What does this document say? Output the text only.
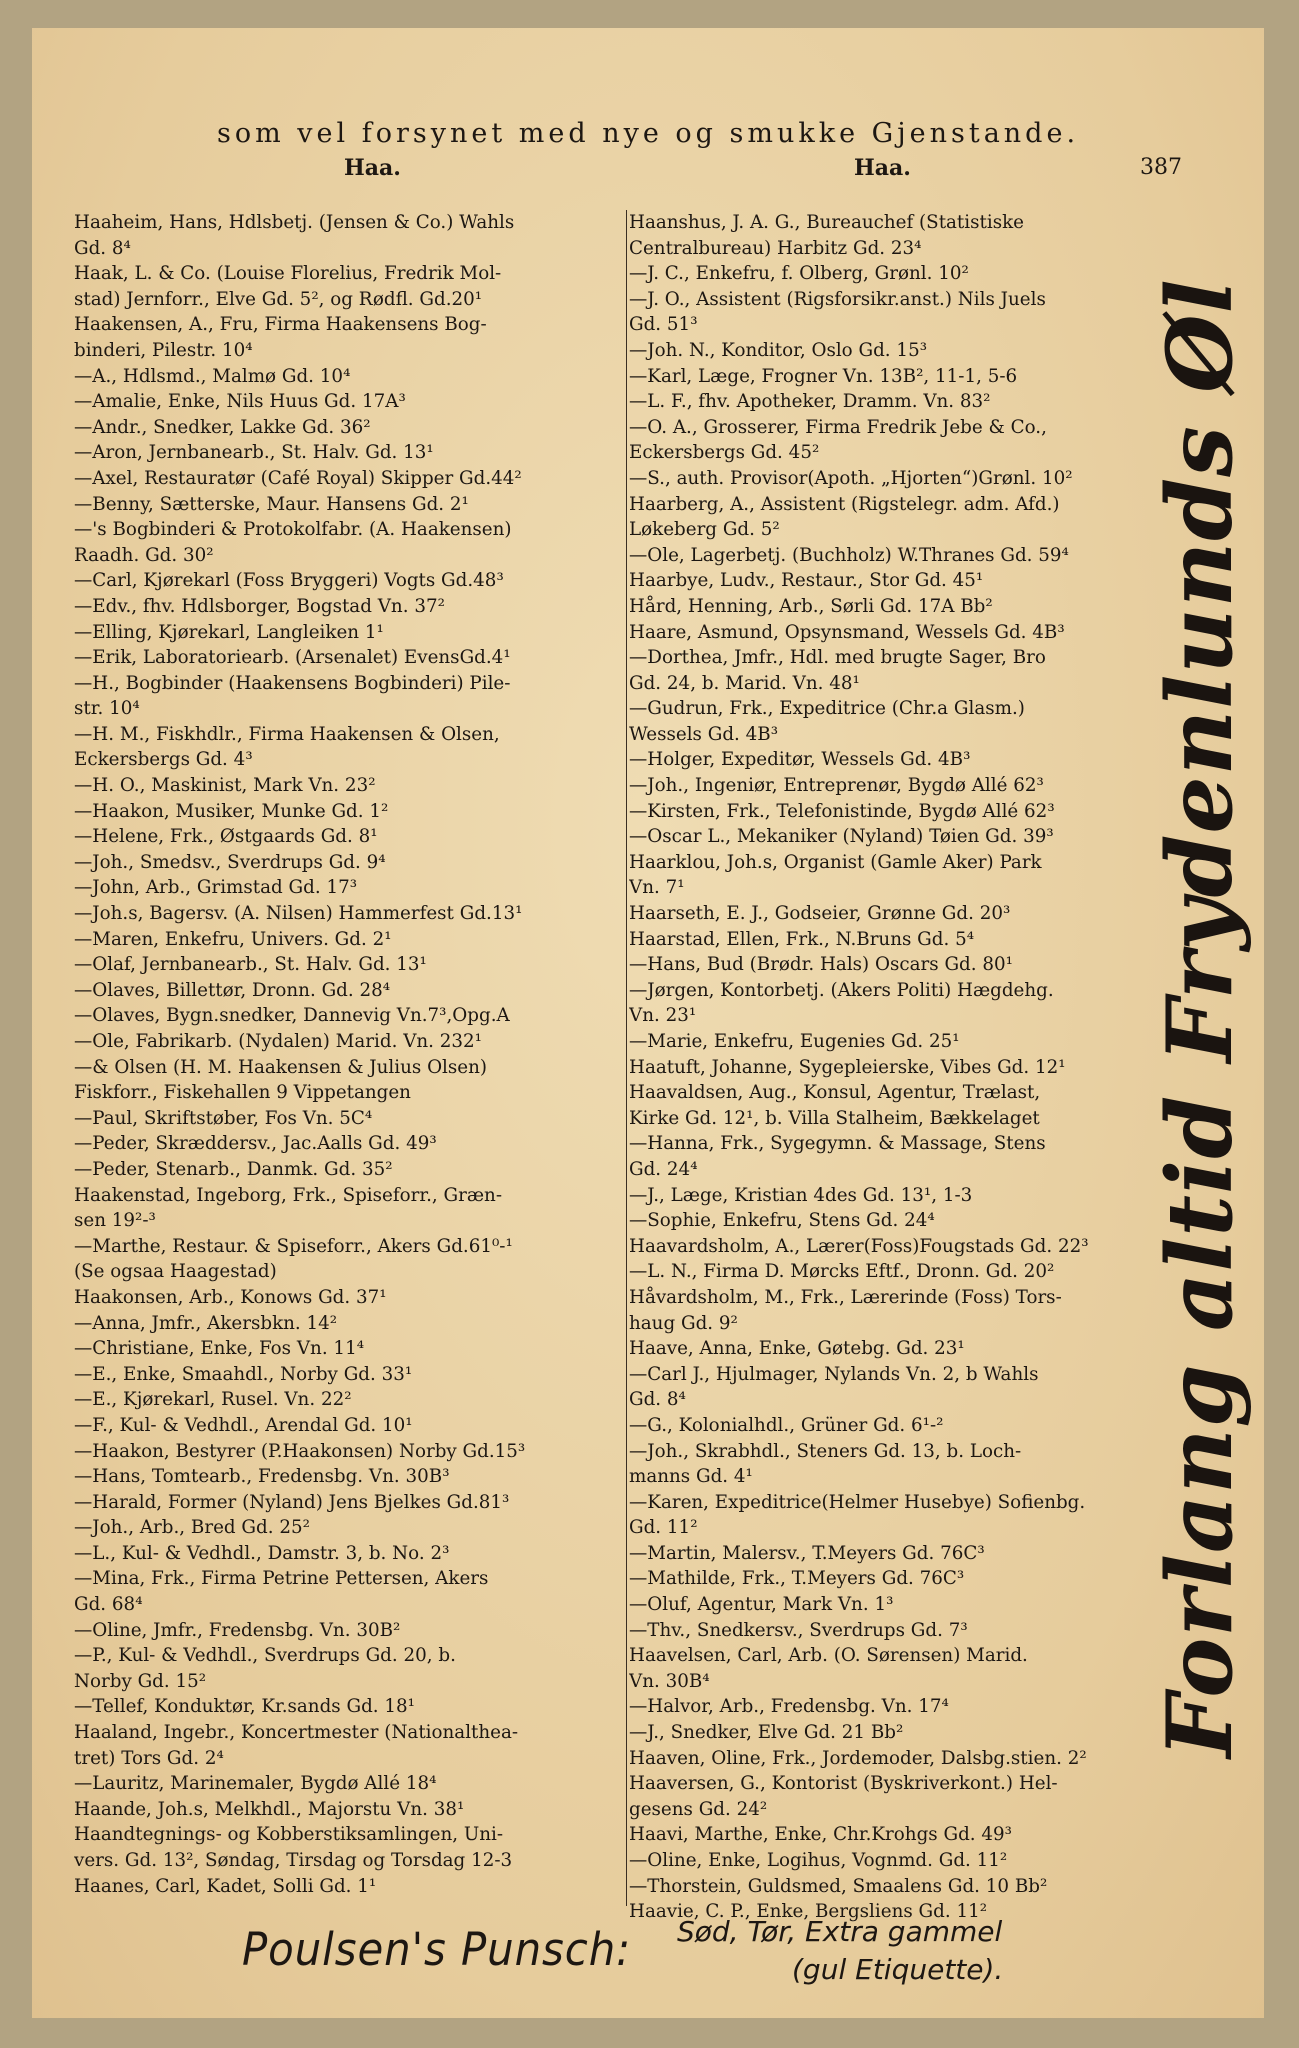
som vel forsynet med nye og smukke Gjenstande.
Haa.	Haa.	387
Haaheim, Hans, Hdlsbetj. (Jensen & Co.) Wahls
Gd. 8⁴
Haak, L. & Co. (Louise Florelius, Fredrik Mol-
stad) Jernforr., Elve Gd. 5², og Rødfl. Gd.20¹
Haakensen, A., Fru, Firma Haakensens Bog-
binderi, Pilestr. 10⁴
—A., Hdlsmd., Malmø Gd. 10⁴
—Amalie, Enke, Nils Huus Gd. 17A³
—Andr., Snedker, Lakke Gd. 36²
—Aron, Jernbanearb., St. Halv. Gd. 13¹
—Axel, Restauratør (Café Royal) Skipper Gd.44²
—Benny, Sætterske, Maur. Hansens Gd. 2¹
—'s Bogbinderi & Protokolfabr. (A. Haakensen)
Raadh. Gd. 30²
—Carl, Kjørekarl (Foss Bryggeri) Vogts Gd.48³
—Edv., fhv. Hdlsborger, Bogstad Vn. 37²
—Elling, Kjørekarl, Langleiken 1¹
—Erik, Laboratoriearb. (Arsenalet) EvensGd.4¹
—H., Bogbinder (Haakensens Bogbinderi) Pile-
str. 10⁴
—H. M., Fiskhdlr., Firma Haakensen & Olsen,
Eckersbergs Gd. 4³
—H. O., Maskinist, Mark Vn. 23²
—Haakon, Musiker, Munke Gd. 1²
—Helene, Frk., Østgaards Gd. 8¹
—Joh., Smedsv., Sverdrups Gd. 9⁴
—John, Arb., Grimstad Gd. 17³
—Joh.s, Bagersv. (A. Nilsen) Hammerfest Gd.13¹
—Maren, Enkefru, Univers. Gd. 2¹
—Olaf, Jernbanearb., St. Halv. Gd. 13¹
—Olaves, Billettør, Dronn. Gd. 28⁴
—Olaves, Bygn.snedker, Dannevig Vn.7³,Opg.A
—Ole, Fabrikarb. (Nydalen) Marid. Vn. 232¹
—& Olsen (H. M. Haakensen & Julius Olsen)
Fiskforr., Fiskehallen 9 Vippetangen
—Paul, Skriftstøber, Fos Vn. 5C⁴
—Peder, Skræddersv., Jac.Aalls Gd. 49³
—Peder, Stenarb., Danmk. Gd. 35²
Haakenstad, Ingeborg, Frk., Spiseforr., Græn-
sen 19²-³
—Marthe, Restaur. & Spiseforr., Akers Gd.61⁰-¹
(Se ogsaa Haagestad)
Haakonsen, Arb., Konows Gd. 37¹
—Anna, Jmfr., Akersbkn. 14²
—Christiane, Enke, Fos Vn. 11⁴
—E., Enke, Smaahdl., Norby Gd. 33¹
—E., Kjørekarl, Rusel. Vn. 22²
—F., Kul- & Vedhdl., Arendal Gd. 10¹
—Haakon, Bestyrer (P.Haakonsen) Norby Gd.15³
—Hans, Tomtearb., Fredensbg. Vn. 30B³
—Harald, Former (Nyland) Jens Bjelkes Gd.81³
—Joh., Arb., Bred Gd. 25²
—L., Kul- & Vedhdl., Damstr. 3, b. No. 2³
—Mina, Frk., Firma Petrine Pettersen, Akers
Gd. 68⁴
—Oline, Jmfr., Fredensbg. Vn. 30B²
—P., Kul- & Vedhdl., Sverdrups Gd. 20, b.
Norby Gd. 15²
—Tellef, Konduktør, Kr.sands Gd. 18¹
Haaland, Ingebr., Koncertmester (Nationalthea-
tret) Tors Gd. 2⁴
—Lauritz, Marinemaler, Bygdø Allé 18⁴
Haande, Joh.s, Melkhdl., Majorstu Vn. 38¹
Haandtegnings- og Kobberstiksamlingen, Uni-
vers. Gd. 13², Søndag, Tirsdag og Torsdag 12-3
Haanes, Carl, Kadet, Solli Gd. 1¹
Haanshus, J. A. G., Bureauchef (Statistiske
Centralbureau) Harbitz Gd. 23⁴
—J. C., Enkefru, f. Olberg, Grønl. 10²
—J. O., Assistent (Rigsforsikr.anst.) Nils Juels
Gd. 51³
—Joh. N., Konditor, Oslo Gd. 15³
—Karl, Læge, Frogner Vn. 13B², 11-1, 5-6
—L. F., fhv. Apotheker, Dramm. Vn. 83²
—O. A., Grosserer, Firma Fredrik Jebe & Co.,
Eckersbergs Gd. 45²
—S., auth. Provisor(Apoth. „Hjorten“)Grønl. 10²
Haarberg, A., Assistent (Rigstelegr. adm. Afd.)
Løkeberg Gd. 5²
—Ole, Lagerbetj. (Buchholz) W.Thranes Gd. 59⁴
Haarbye, Ludv., Restaur., Stor Gd. 45¹
Hård, Henning, Arb., Sørli Gd. 17A Bb²
Haare, Asmund, Opsynsmand, Wessels Gd. 4B³
—Dorthea, Jmfr., Hdl. med brugte Sager, Bro
Gd. 24, b. Marid. Vn. 48¹
—Gudrun, Frk., Expeditrice (Chr.a Glasm.)
Wessels Gd. 4B³
—Holger, Expeditør, Wessels Gd. 4B³
—Joh., Ingeniør, Entreprenør, Bygdø Allé 62³
—Kirsten, Frk., Telefonistinde, Bygdø Allé 62³
—Oscar L., Mekaniker (Nyland) Tøien Gd. 39³
Haarklou, Joh.s, Organist (Gamle Aker) Park
Vn. 7¹
Haarseth, E. J., Godseier, Grønne Gd. 20³
Haarstad, Ellen, Frk., N.Bruns Gd. 5⁴
—Hans, Bud (Brødr. Hals) Oscars Gd. 80¹
—Jørgen, Kontorbetj. (Akers Politi) Hægdehg.
Vn. 23¹
—Marie, Enkefru, Eugenies Gd. 25¹
Haatuft, Johanne, Sygepleierske, Vibes Gd. 12¹
Haavaldsen, Aug., Konsul, Agentur, Trælast,
Kirke Gd. 12¹, b. Villa Stalheim, Bækkelaget
—Hanna, Frk., Sygegymn. & Massage, Stens
Gd. 24⁴
—J., Læge, Kristian 4des Gd. 13¹, 1-3
—Sophie, Enkefru, Stens Gd. 24⁴
Haavardsholm, A., Lærer(Foss)Fougstads Gd. 22³
—L. N., Firma D. Mørcks Eftf., Dronn. Gd. 20²
Håvardsholm, M., Frk., Lærerinde (Foss) Tors-
haug Gd. 9²
Haave, Anna, Enke, Gøtebg. Gd. 23¹
—Carl J., Hjulmager, Nylands Vn. 2, b Wahls
Gd. 8⁴
—G., Kolonialhdl., Grüner Gd. 6¹-²
—Joh., Skrabhdl., Steners Gd. 13, b. Loch-
manns Gd. 4¹
—Karen, Expeditrice(Helmer Husebye) Sofienbg.
Gd. 11²
—Martin, Malersv., T.Meyers Gd. 76C³
—Mathilde, Frk., T.Meyers Gd. 76C³
—Oluf, Agentur, Mark Vn. 1³
—Thv., Snedkersv., Sverdrups Gd. 7³
Haavelsen, Carl, Arb. (O. Sørensen) Marid.
Vn. 30B⁴
—Halvor, Arb., Fredensbg. Vn. 17⁴
—J., Snedker, Elve Gd. 21 Bb²
Haaven, Oline, Frk., Jordemoder, Dalsbg.stien. 2²
Haaversen, G., Kontorist (Byskriverkont.) Hel-
gesens Gd. 24²
Haavi, Marthe, Enke, Chr.Krohgs Gd. 49³
—Oline, Enke, Logihus, Vognmd. Gd. 11²
—Thorstein, Guldsmed, Smaalens Gd. 10 Bb²
Haavie, C. P., Enke, Bergsliens Gd. 11²
Forlang altid Frydenlunds Øl
Poulsen's Punsch: Sød, Tør, Extra gammel
(gul Etiquette).
